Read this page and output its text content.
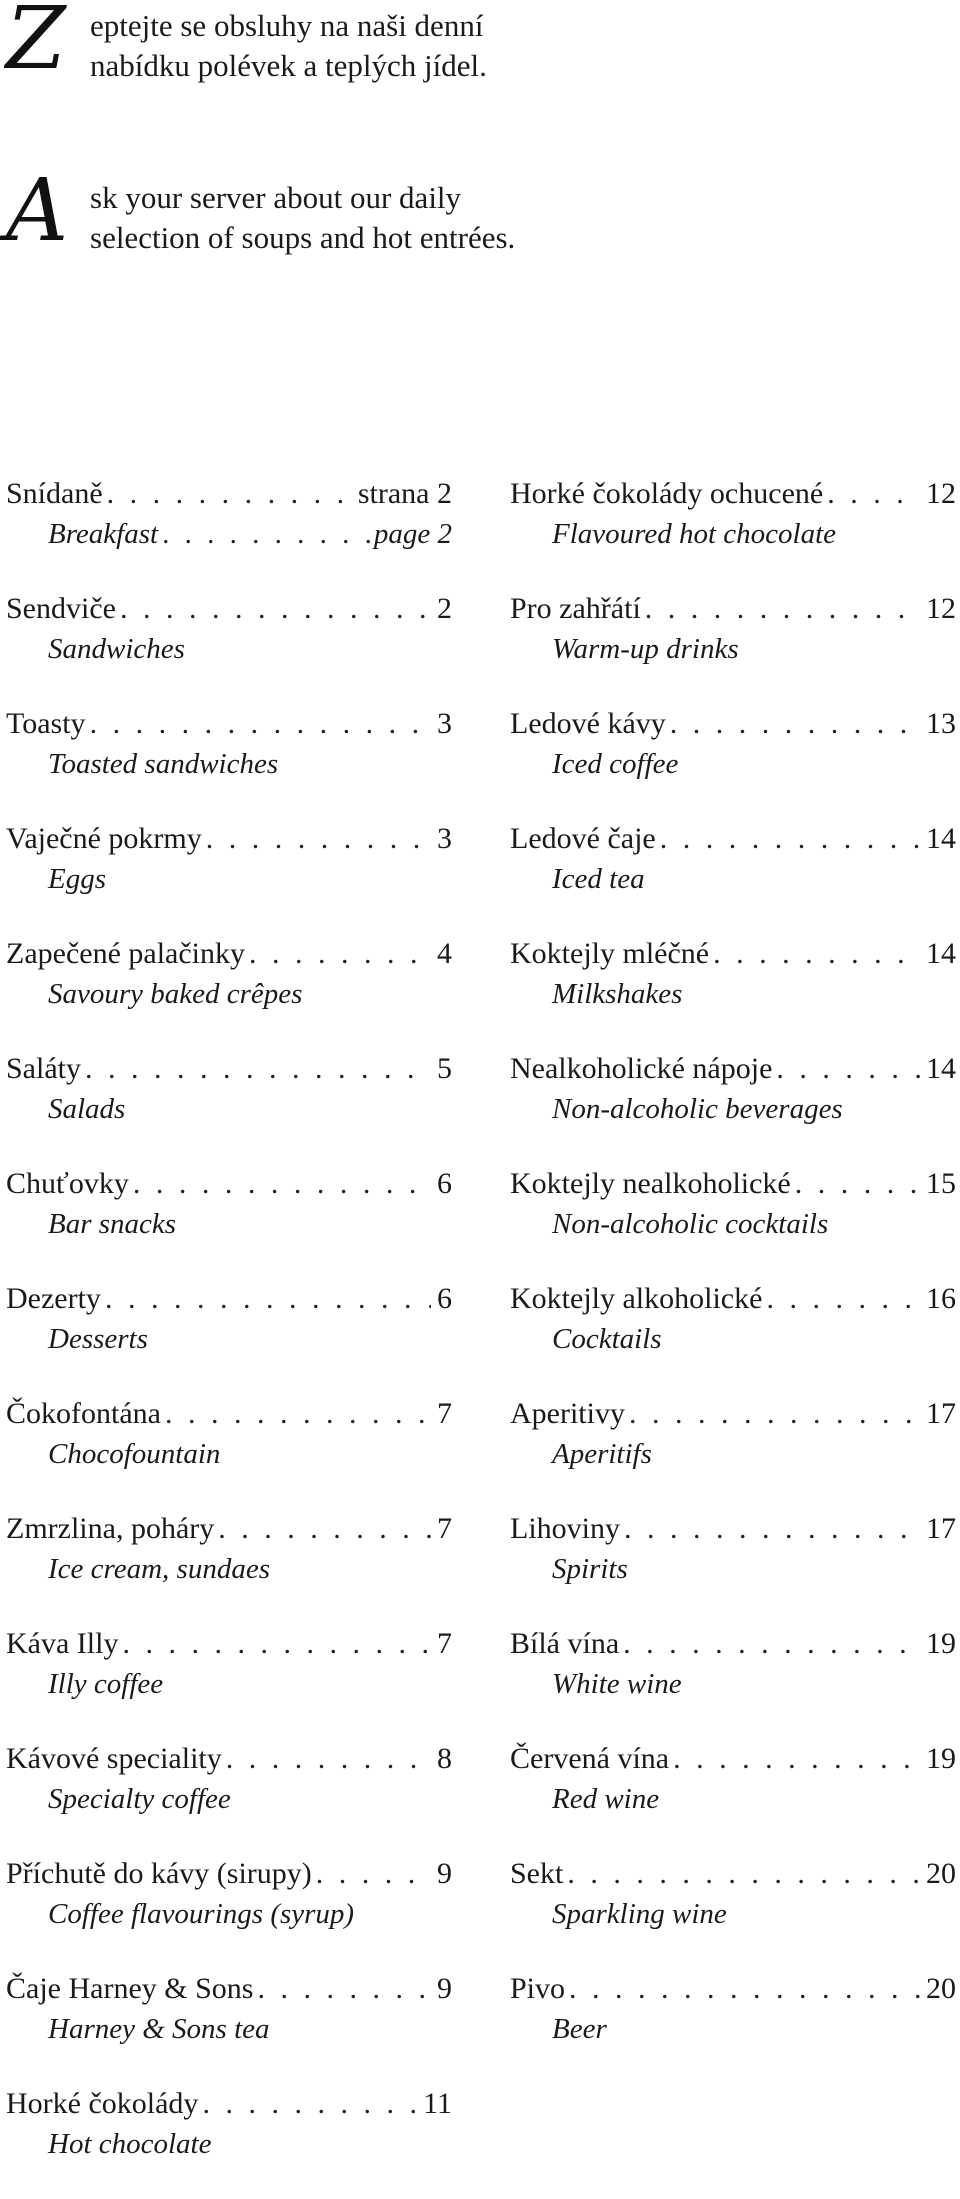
Z eptejte se obsluhy na naši denní
nabídku polévek a teplých jídel.
A sk your server about our daily
selection of soups and hot entrées.
Snídaně . . .	strana 2
Breakfast . . .	page 2
Sendviče . . .	2
Sandwiches
Toasty . . .	3
Toasted sandwiches
Vaječné pokrmy . . .	3
Eggs
Zapečené palačinky . . .	4
Savoury baked crêpes
Saláty . . .	5
Salads
Chuťovky . . .	6
Bar snacks
Dezerty . . .	6
Desserts
Čokofontána . . .	7
Chocofountain
Zmrzlina, poháry . . .	7
Ice cream, sundaes
Káva Illy . . .	7
Illy coffee
Kávové speciality . . .	8
Specialty coffee
Příchutě do kávy (sirupy) . . .	9
Coffee flavourings (syrup)
Čaje Harney & Sons . . .	9
Harney & Sons tea
Horké čokolády . . .	11
Hot chocolate
Horké čokolády ochucené . . .	12
Flavoured hot chocolate
Pro zahřátí . . .	12
Warm-up drinks
Ledové kávy . . .	13
Iced coffee
Ledové čaje . . .	14
Iced tea
Koktejly mléčné . . .	14
Milkshakes
Nealkoholické nápoje . . .	14
Non-alcoholic beverages
Koktejly nealkoholické . . .	15
Non-alcoholic cocktails
Koktejly alkoholické . . .	16
Cocktails
Aperitivy . . .	17
Aperitifs
Lihoviny . . .	17
Spirits
Bílá vína . . .	19
White wine
Červená vína . . .	19
Red wine
Sekt . . .	20
Sparkling wine
Pivo . . .	20
Beer
